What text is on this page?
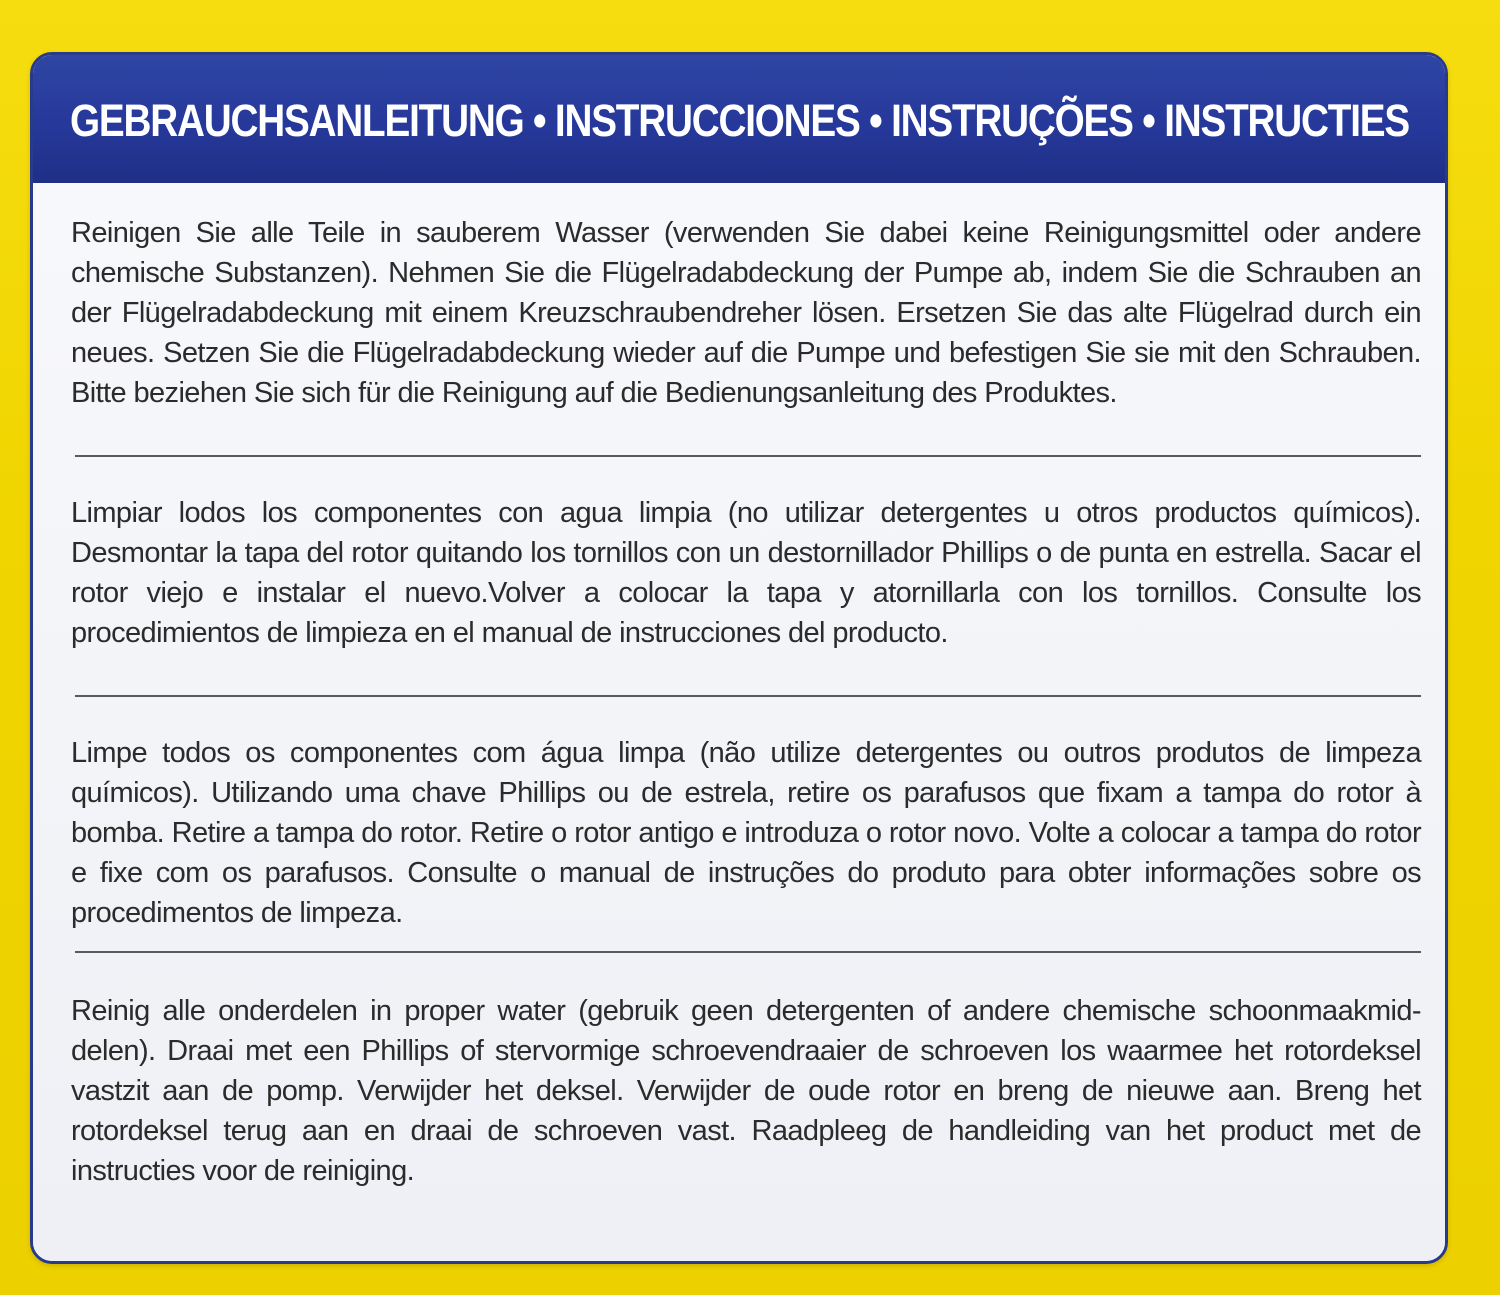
GEBRAUCHSANLEITUNG • INSTRUCCIONES • INSTRUÇÕES • INSTRUCTIES

Reinigen Sie alle Teile in sauberem Wasser (verwenden Sie dabei keine Reinigungsmittel oder andere chemische Substanzen). Nehmen Sie die Flügelradabdeckung der Pumpe ab, indem Sie die Schrauben an der Flügelradabdeckung mit einem Kreuzschraubendreher lösen. Ersetzen Sie das alte Flügelrad durch ein neues. Setzen Sie die Flügelradabdeckung wieder auf die Pumpe und befestigen Sie sie mit den Schrauben. Bitte beziehen Sie sich für die Reinigung auf die Bedienungsanleitung des Produktes.

Limpiar lodos los componentes con agua limpia (no utilizar detergentes u otros productos químicos). Desmontar la tapa del rotor quitando los tornillos con un destornillador Phillips o de punta en estrella. Sacar el rotor viejo e instalar el nuevo.Volver a colocar la tapa y atornillarla con los tornillos. Consulte los procedimientos de limpieza en el manual de instrucciones del producto.

Limpe todos os componentes com água limpa (não utilize detergentes ou outros produtos de limpeza químicos). Utilizando uma chave Phillips ou de estrela, retire os parafusos que fixam a tampa do rotor à bomba. Retire a tampa do rotor. Retire o rotor antigo e introduza o rotor novo. Volte a colocar a tampa do rotor e fixe com os parafusos. Consulte o manual de instruções do produto para obter informações sobre os procedimentos de limpeza.

Reinig alle onderdelen in proper water (gebruik geen detergenten of andere chemische schoonmaakmid-delen). Draai met een Phillips of stervormige schroevendraaier de schroeven los waarmee het rotordeksel vastzit aan de pomp. Verwijder het deksel. Verwijder de oude rotor en breng de nieuwe aan. Breng het rotordeksel terug aan en draai de schroeven vast. Raadpleeg de handleiding van het product met de instructies voor de reiniging.
